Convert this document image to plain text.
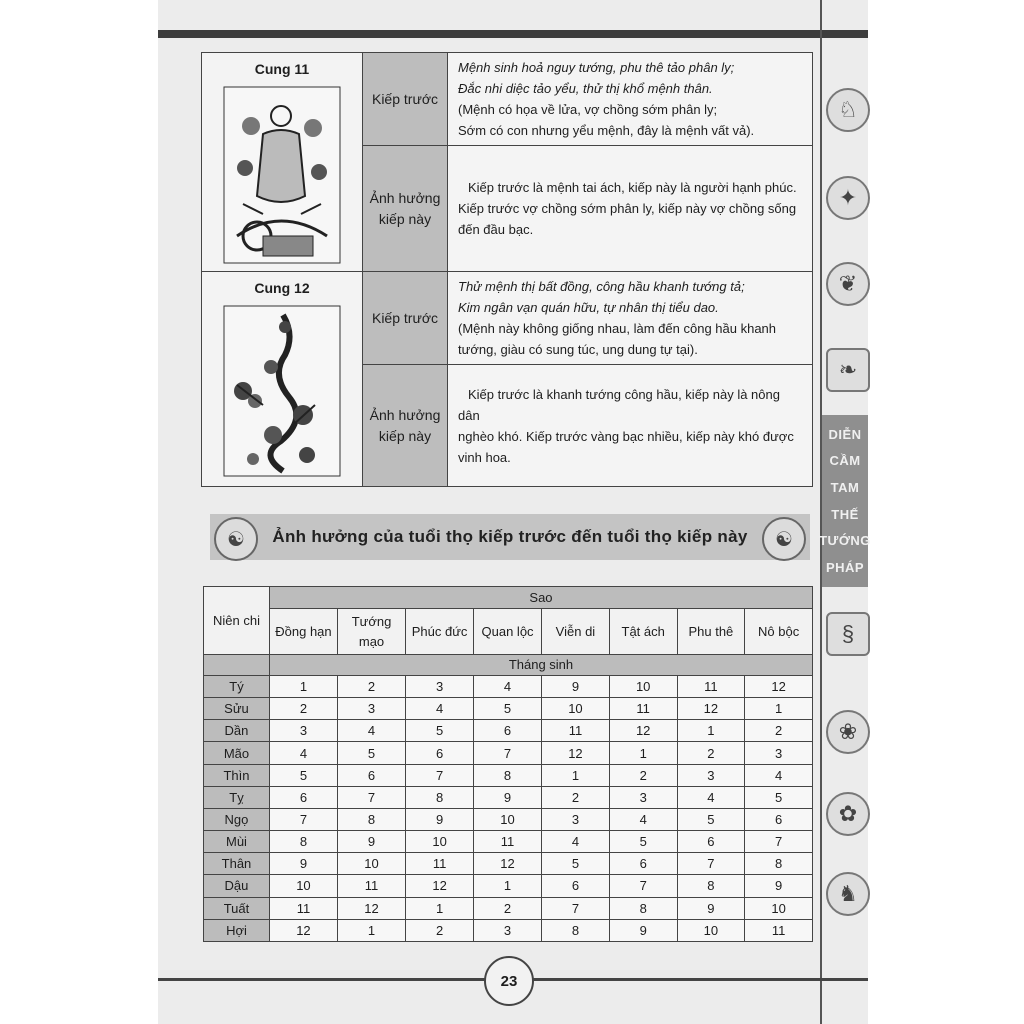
♘
✦
❦
❧
DIỄN
CẦM
TAM
THẾ
TƯỚNG
PHÁP
§
❀
✿
♞
Cung 11	Kiếp trước	Mệnh sinh hoả nguy tướng, phu thê tảo phân ly;
Đắc nhi diệc tảo yểu, thử thị khổ mệnh thân.
(Mệnh có họa về lửa, vợ chồng sớm phân ly;
Sớm có con nhưng yểu mệnh, đây là mệnh vất vả).

	Ảnh hưởng kiếp này	Kiếp trước là mệnh tai ách, kiếp này là người hạnh phúc.
Kiếp trước vợ chồng sớm phân ly, kiếp này vợ chồng sống
đến đầu bạc.

Cung 12	Kiếp trước	Thử mệnh thị bất đồng, công hầu khanh tướng tả;
Kim ngân vạn quán hữu, tự nhân thị tiểu dao.
(Mệnh này không giống nhau, làm đến công hầu khanh
tướng, giàu có sung túc, ung dung tự tại).

	Ảnh hưởng kiếp này	Kiếp trước là khanh tướng công hầu, kiếp này là nông dân
nghèo khó. Kiếp trước vàng bạc nhiều, kiếp này khó được
vinh hoa.
☯	Ảnh hưởng của tuổi thọ kiếp trước đến tuổi thọ kiếp này	☯
Niên chi	Sao							
	Đồng hạn	Tướng mạo	Phúc đức	Quan lộc	Viễn di	Tật ách	Phu thê	Nô bộc
	Tháng sinh							
Tý	1	2	3	4	9	10	11	12
Sửu	2	3	4	5	10	11	12	1
Dần	3	4	5	6	11	12	1	2
Mão	4	5	6	7	12	1	2	3
Thìn	5	6	7	8	1	2	3	4
Tỵ	6	7	8	9	2	3	4	5
Ngọ	7	8	9	10	3	4	5	6
Mùi	8	9	10	11	4	5	6	7
Thân	9	10	11	12	5	6	7	8
Dậu	10	11	12	1	6	7	8	9
Tuất	11	12	1	2	7	8	9	10
Hợi	12	1	2	3	8	9	10	11
23
